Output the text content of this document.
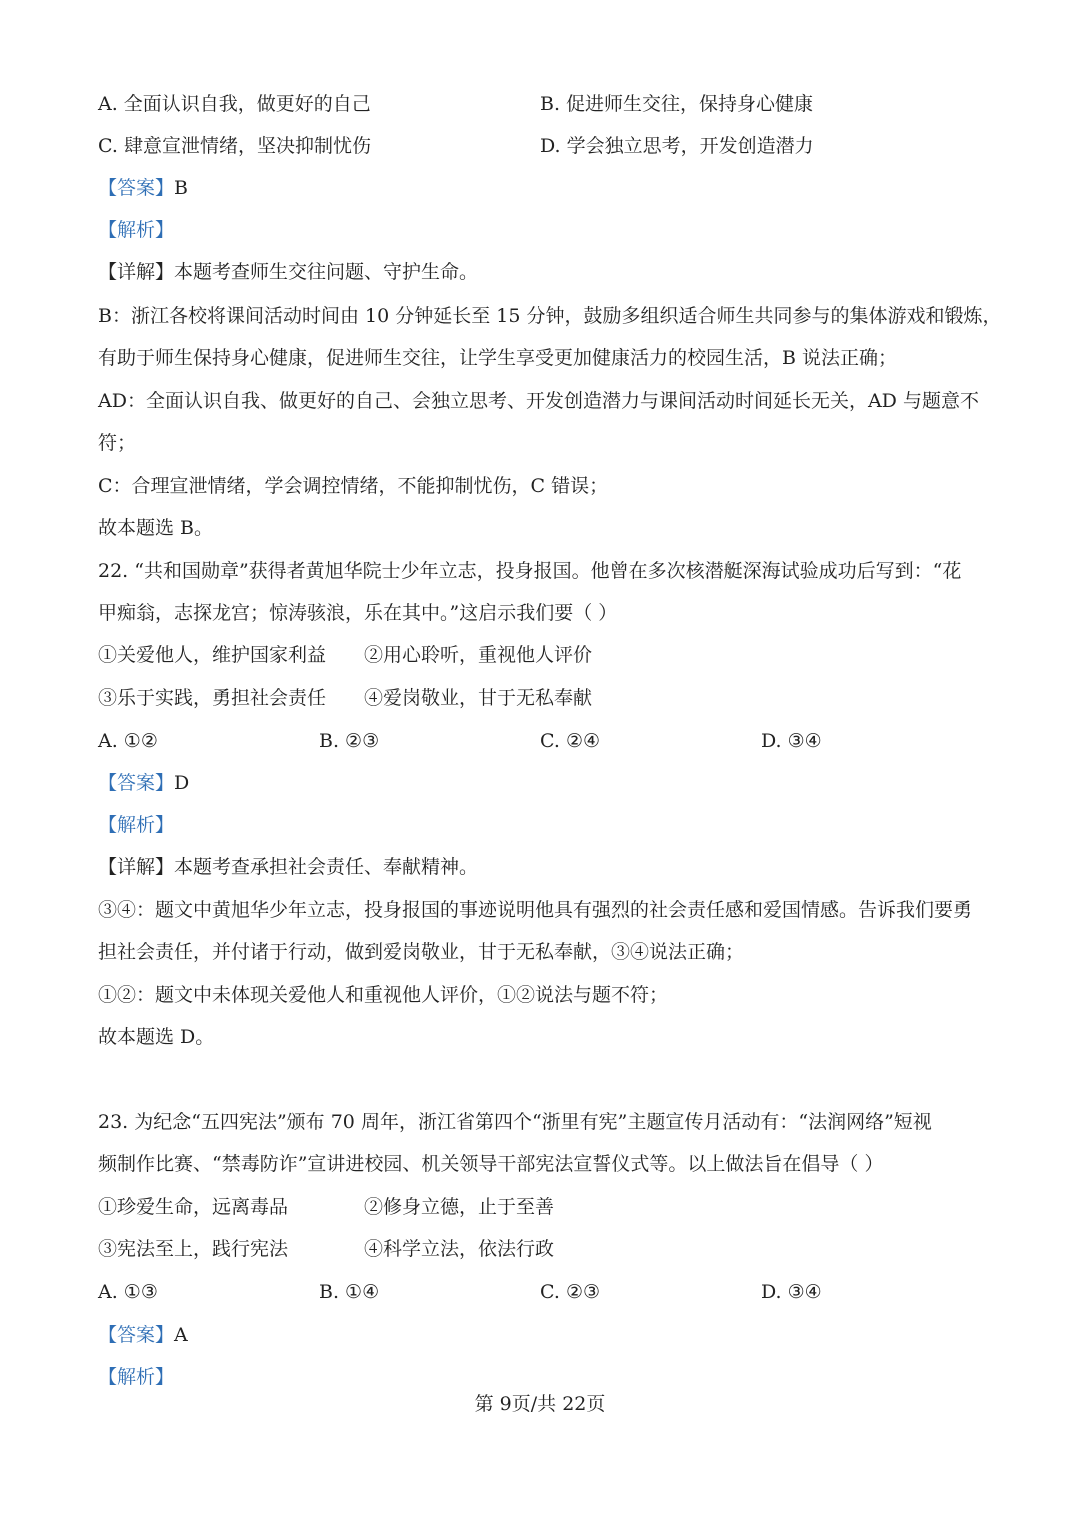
A. 全面认识自我，做更好的自己	B. 促进师生交往，保持身心健康
C. 肆意宣泄情绪，坚决抑制忧伤	D. 学会独立思考，开发创造潜力
【答案】B
【解析】
【详解】本题考查师生交往问题、守护生命。
B：浙江各校将课间活动时间由 10 分钟延长至 15 分钟，鼓励多组织适合师生共同参与的集体游戏和锻炼，
有助于师生保持身心健康，促进师生交往，让学生享受更加健康活力的校园生活，B 说法正确；
AD：全面认识自我、做更好的自己、会独立思考、开发创造潜力与课间活动时间延长无关，AD 与题意不
符；
C：合理宣泄情绪，学会调控情绪，不能抑制忧伤，C 错误；
故本题选 B。
22. “共和国勋章”获得者黄旭华院士少年立志，投身报国。他曾在多次核潜艇深海试验成功后写到：“花
甲痴翁，志探龙宫；惊涛骇浪，乐在其中。”这启示我们要（ ）
①关爱他人，维护国家利益 ②用心聆听，重视他人评价
③乐于实践，勇担社会责任 ④爱岗敬业，甘于无私奉献
A. ①②	B. ②③	C. ②④	D. ③④
【答案】D
【解析】
【详解】本题考查承担社会责任、奉献精神。
③④：题文中黄旭华少年立志，投身报国的事迹说明他具有强烈的社会责任感和爱国情感。告诉我们要勇
担社会责任，并付诸于行动，做到爱岗敬业，甘于无私奉献，③④说法正确；
①②：题文中未体现关爱他人和重视他人评价，①②说法与题不符；
故本题选 D。
23. 为纪念“五四宪法”颁布 70 周年，浙江省第四个“浙里有宪”主题宣传月活动有：“法润网络”短视
频制作比赛、“禁毒防诈”宣讲进校园、机关领导干部宪法宣誓仪式等。以上做法旨在倡导（ ）
①珍爱生命，远离毒品	②修身立德，止于至善
③宪法至上，践行宪法	④科学立法，依法行政
A. ①③	B. ①④	C. ②③	D. ③④
【答案】A
【解析】
第 9页/共 22页
